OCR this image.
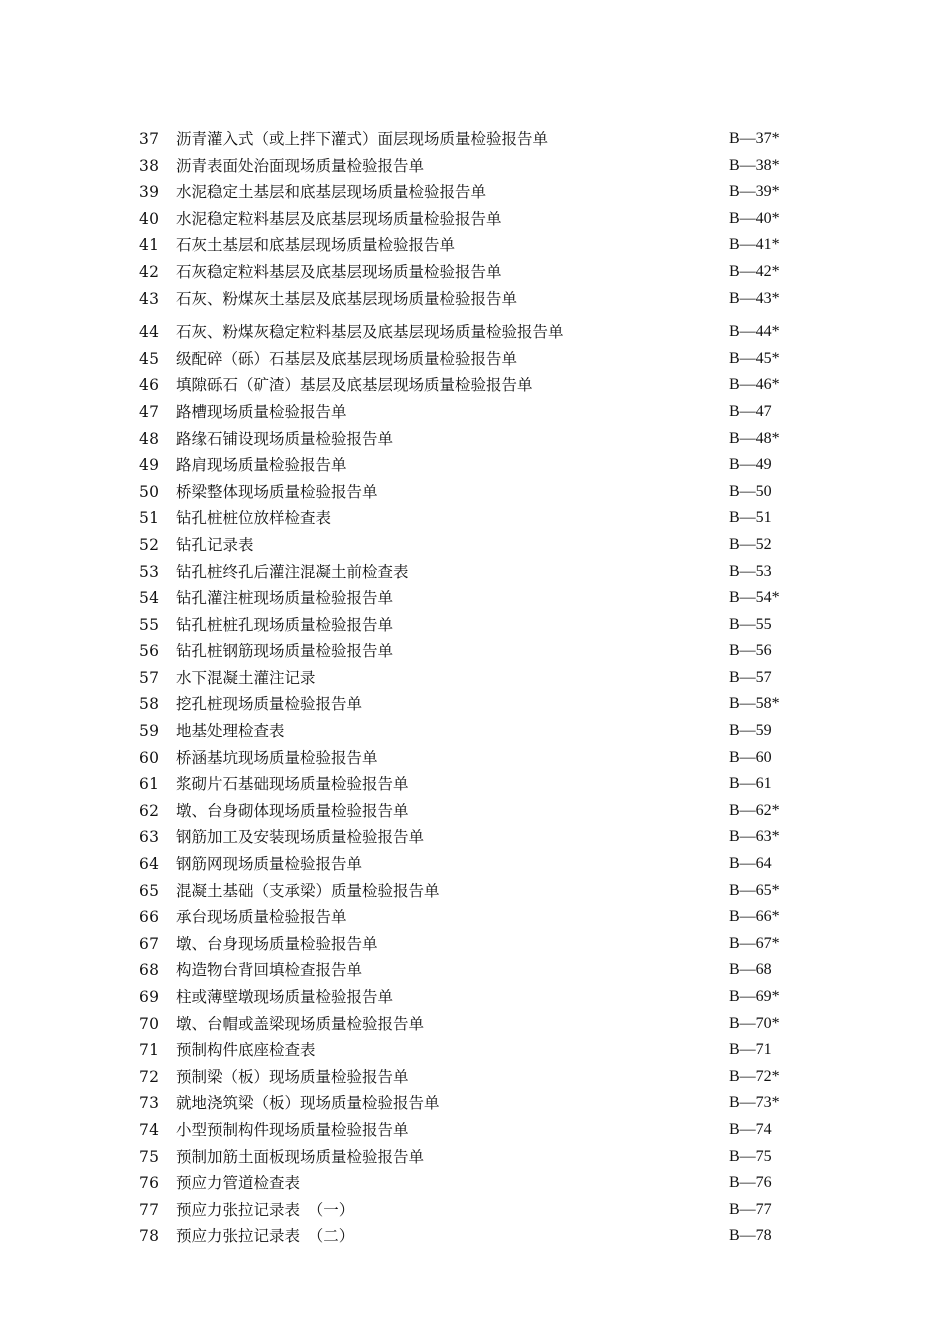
37	沥青灌入式（或上拌下灌式）面层现场质量检验报告单	B—37*
38	沥青表面处治面现场质量检验报告单	B—38*
39	水泥稳定土基层和底基层现场质量检验报告单	B—39*
40	水泥稳定粒料基层及底基层现场质量检验报告单	B—40*
41	石灰土基层和底基层现场质量检验报告单	B—41*
42	石灰稳定粒料基层及底基层现场质量检验报告单	B—42*
43	石灰、粉煤灰土基层及底基层现场质量检验报告单	B—43*
44	石灰、粉煤灰稳定粒料基层及底基层现场质量检验报告单	B—44*
45	级配碎（砾）石基层及底基层现场质量检验报告单	B—45*
46	填隙砾石（矿渣）基层及底基层现场质量检验报告单	B—46*
47	路槽现场质量检验报告单	B—47
48	路缘石铺设现场质量检验报告单	B—48*
49	路肩现场质量检验报告单	B—49
50	桥梁整体现场质量检验报告单	B—50
51	钻孔桩桩位放样检查表	B—51
52	钻孔记录表	B—52
53	钻孔桩终孔后灌注混凝土前检查表	B—53
54	钻孔灌注桩现场质量检验报告单	B—54*
55	钻孔桩桩孔现场质量检验报告单	B—55
56	钻孔桩钢筋现场质量检验报告单	B—56
57	水下混凝土灌注记录	B—57
58	挖孔桩现场质量检验报告单	B—58*
59	地基处理检查表	B—59
60	桥涵基坑现场质量检验报告单	B—60
61	浆砌片石基础现场质量检验报告单	B—61
62	墩、台身砌体现场质量检验报告单	B—62*
63	钢筋加工及安装现场质量检验报告单	B—63*
64	钢筋网现场质量检验报告单	B—64
65	混凝土基础（支承梁）质量检验报告单	B—65*
66	承台现场质量检验报告单	B—66*
67	墩、台身现场质量检验报告单	B—67*
68	构造物台背回填检查报告单	B—68
69	柱或薄壁墩现场质量检验报告单	B—69*
70	墩、台帽或盖梁现场质量检验报告单	B—70*
71	预制构件底座检查表	B—71
72	预制梁（板）现场质量检验报告单	B—72*
73	就地浇筑梁（板）现场质量检验报告单	B—73*
74	小型预制构件现场质量检验报告单	B—74
75	预制加筋土面板现场质量检验报告单	B—75
76	预应力管道检查表	B—76
77	预应力张拉记录表　（一）	B—77
78	预应力张拉记录表　（二）	B—78
